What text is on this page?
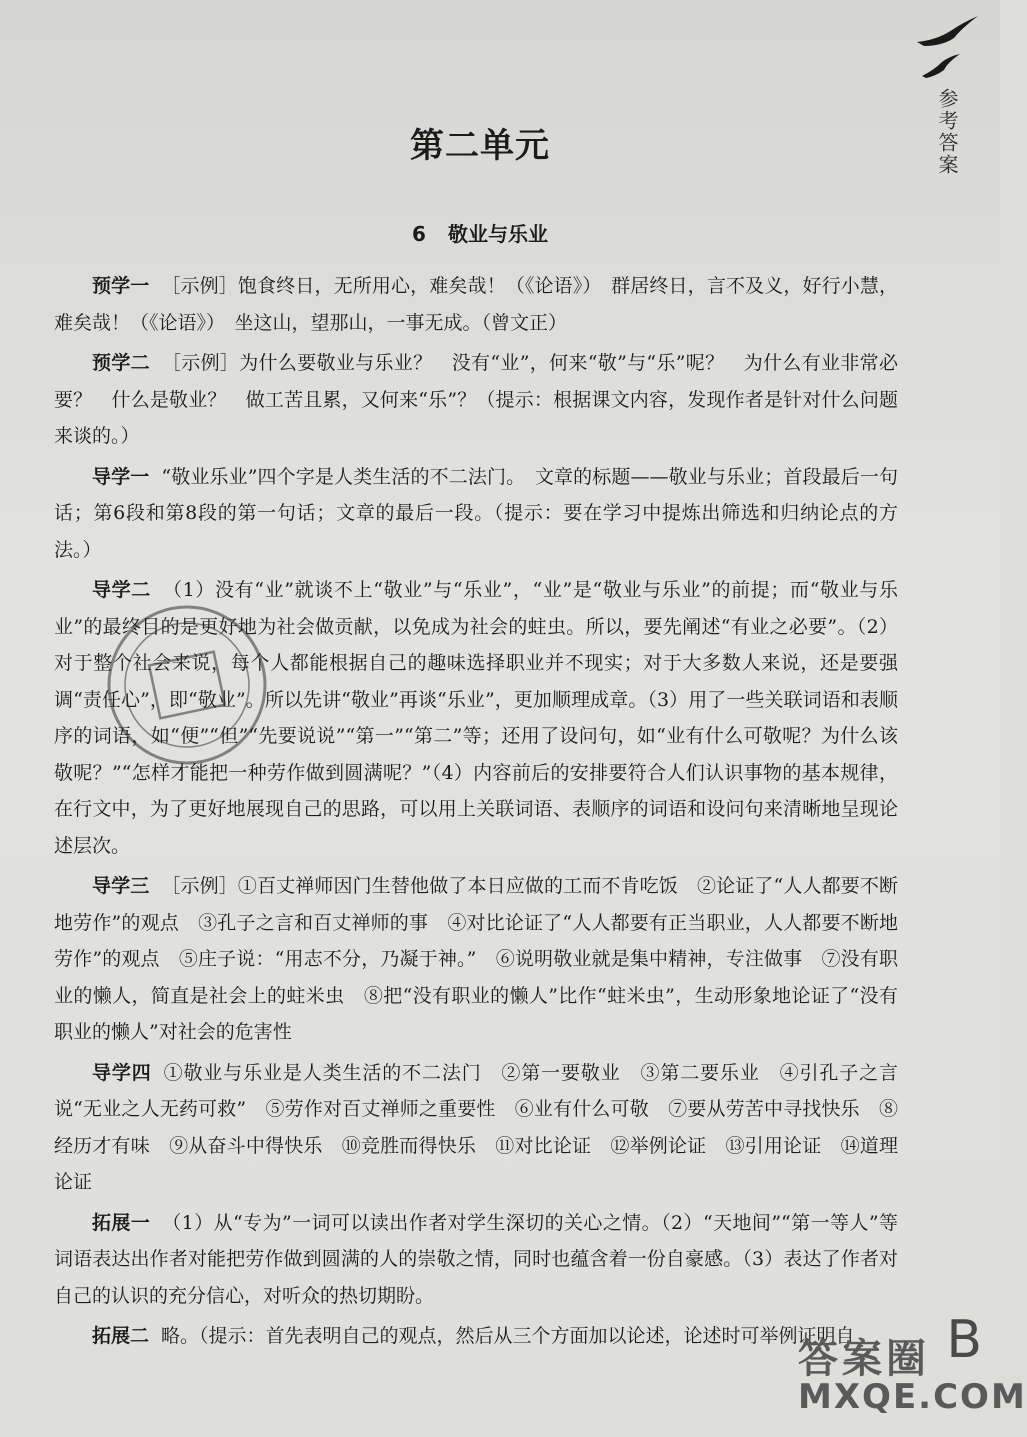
参考答案
第二单元
6 敬业与乐业

预学一 ［示例］饱食终日，无所用心，难矣哉！（《论语》）　群居终日，言不及义，好行小慧，难矣哉！（《论语》）　坐这山，望那山，一事无成。（曾文正）

预学二 ［示例］为什么要敬业与乐业？　没有“业”，何来“敬”与“乐”呢？　为什么有业非常必要？　什么是敬业？　做工苦且累，又何来“乐”？（提示：根据课文内容，发现作者是针对什么问题来谈的。）

导学一 “敬业乐业”四个字是人类生活的不二法门。　文章的标题——敬业与乐业；首段最后一句话；第6段和第8段的第一句话；文章的最后一段。（提示：要在学习中提炼出筛选和归纳论点的方法。）

导学二 （1）没有“业”就谈不上“敬业”与“乐业”，“业”是“敬业与乐业”的前提；而“敬业与乐业”的最终目的是更好地为社会做贡献，以免成为社会的蛀虫。所以，要先阐述“有业之必要”。（2）对于整个社会来说，每个人都能根据自己的趣味选择职业并不现实；对于大多数人来说，还是要强调“责任心”，即“敬业”。所以先讲“敬业”再谈“乐业”，更加顺理成章。（3）用了一些关联词语和表顺序的词语，如“便”“但”“先要说说”“第一”“第二”等；还用了设问句，如“业有什么可敬呢？为什么该敬呢？”“怎样才能把一种劳作做到圆满呢？”（4）内容前后的安排要符合人们认识事物的基本规律，在行文中，为了更好地展现自己的思路，可以用上关联词语、表顺序的词语和设问句来清晰地呈现论述层次。

导学三 ［示例］①百丈禅师因门生替他做了本日应做的工而不肯吃饭　②论证了“人人都要不断地劳作”的观点　③孔子之言和百丈禅师的事　④对比论证了“人人都要有正当职业，人人都要不断地劳作”的观点　⑤庄子说：“用志不分，乃凝于神。”　⑥说明敬业就是集中精神，专注做事　⑦没有职业的懒人，简直是社会上的蛀米虫　⑧把“没有职业的懒人”比作“蛀米虫”，生动形象地论证了“没有职业的懒人”对社会的危害性

导学四 ①敬业与乐业是人类生活的不二法门　②第一要敬业　③第二要乐业　④引孔子之言说“无业之人无药可救”　⑤劳作对百丈禅师之重要性　⑥业有什么可敬　⑦要从劳苦中寻找快乐　⑧经历才有味　⑨从奋斗中得快乐　⑩竞胜而得快乐　⑪对比论证　⑫举例论证　⑬引用论证　⑭道理论证

拓展一 （1）从“专为”一词可以读出作者对学生深切的关心之情。（2）“天地间”“第一等人”等词语表达出作者对能把劳作做到圆满的人的崇敬之情，同时也蕴含着一份自豪感。（3）表达了作者对自己的认识的充分信心，对听众的热切期盼。

拓展二 略。（提示：首先表明自己的观点，然后从三个方面加以论述，论述时可举例证明自	B
答案圈
MXQE.COM
